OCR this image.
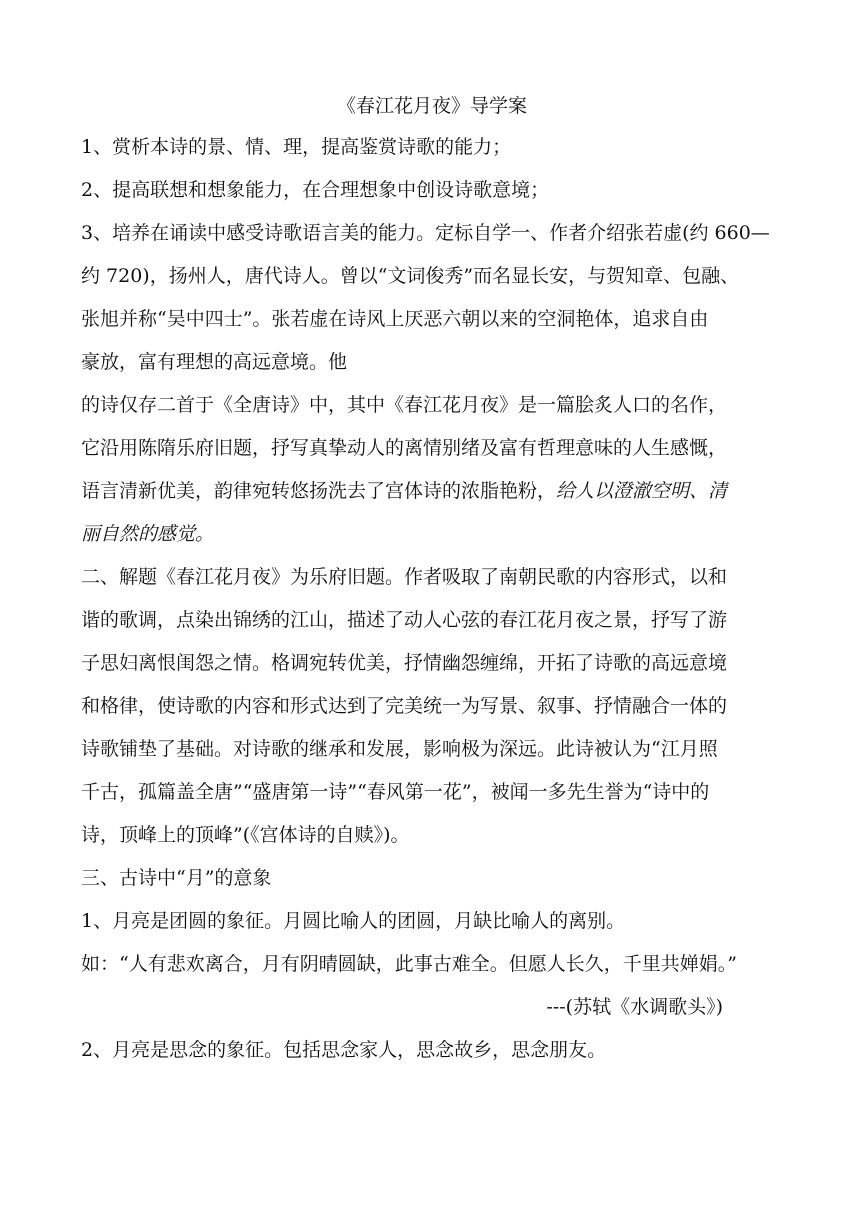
《春江花月夜》导学案
1、赏析本诗的景、情、理，提高鉴赏诗歌的能力；
2、提高联想和想象能力，在合理想象中创设诗歌意境；
3、培养在诵读中感受诗歌语言美的能力。定标自学一、作者介绍张若虚(约 660—
约 720)，扬州人，唐代诗人。曾以“文词俊秀”而名显长安，与贺知章、包融、
张旭并称“吴中四士”。张若虚在诗风上厌恶六朝以来的空洞艳体，追求自由
豪放，富有理想的高远意境。他
的诗仅存二首于《全唐诗》中，其中《春江花月夜》是一篇脍炙人口的名作，
它沿用陈隋乐府旧题，抒写真挚动人的离情别绪及富有哲理意味的人生感慨，
语言清新优美，韵律宛转悠扬洗去了宫体诗的浓脂艳粉，给人以澄澈空明、清
丽自然的感觉。
二、解题《春江花月夜》为乐府旧题。作者吸取了南朝民歌的内容形式，以和
谐的歌调，点染出锦绣的江山，描述了动人心弦的春江花月夜之景，抒写了游
子思妇离恨闺怨之情。格调宛转优美，抒情幽怨缠绵，开拓了诗歌的高远意境
和格律，使诗歌的内容和形式达到了完美统一为写景、叙事、抒情融合一体的
诗歌铺垫了基础。对诗歌的继承和发展，影响极为深远。此诗被认为“江月照
千古，孤篇盖全唐”“盛唐第一诗”“春风第一花”，被闻一多先生誉为“诗中的
诗，顶峰上的顶峰”(《宫体诗的自赎》)。
三、古诗中“月”的意象
1、月亮是团圆的象征。月圆比喻人的团圆，月缺比喻人的离别。
如：“人有悲欢离合，月有阴晴圆缺，此事古难全。但愿人长久，千里共婵娟。”
---(苏轼《水调歌头》)
2、月亮是思念的象征。包括思念家人，思念故乡，思念朋友。
